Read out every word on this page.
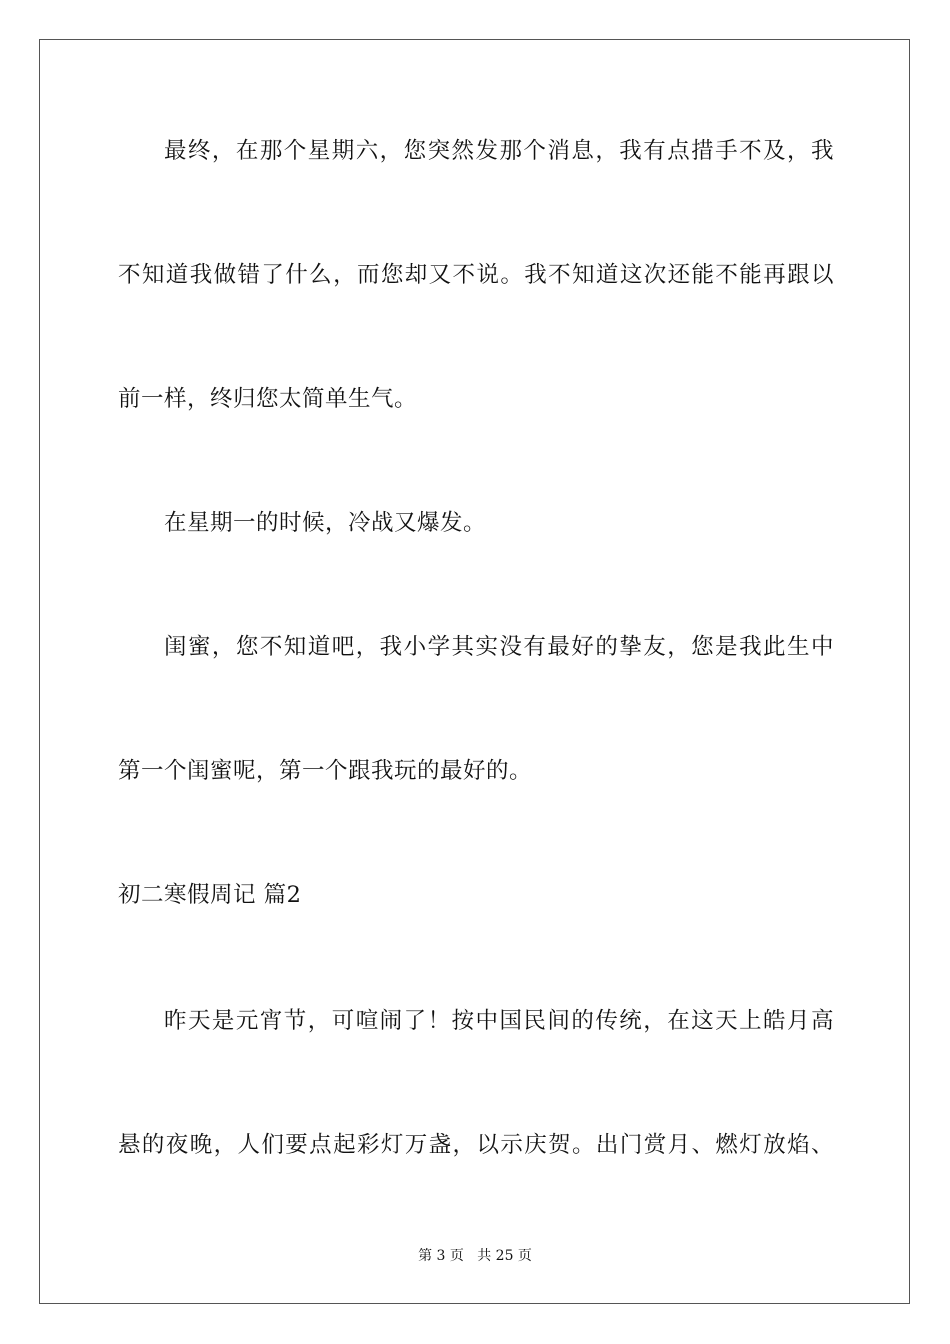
最终，在那个星期六，您突然发那个消息，我有点措手不及，我
不知道我做错了什么，而您却又不说。我不知道这次还能不能再跟以
前一样，终归您太简单生气。
在星期一的时候，冷战又爆发。
闺蜜，您不知道吧，我小学其实没有最好的挚友，您是我此生中
第一个闺蜜呢，第一个跟我玩的最好的。
初二寒假周记 篇2
昨天是元宵节，可喧闹了！按中国民间的传统，在这天上皓月高
悬的夜晚，人们要点起彩灯万盏，以示庆贺。出门赏月、燃灯放焰、
第 3 页   共 25 页
